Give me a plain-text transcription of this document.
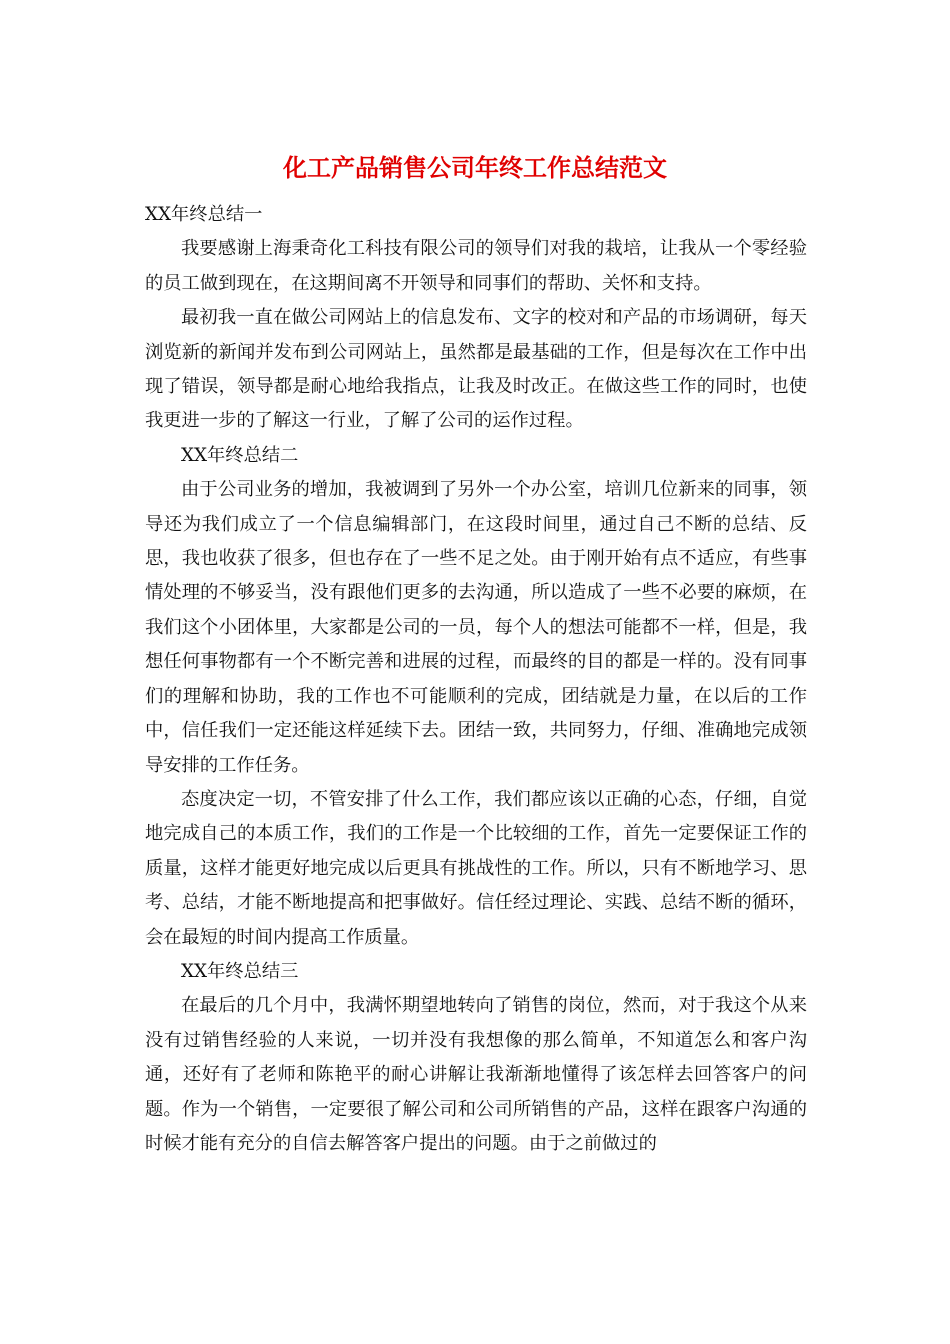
化工产品销售公司年终工作总结范文

XX年终总结一

我要感谢上海秉奇化工科技有限公司的领导们对我的栽培，让我从一个零经验的员工做到现在，在这期间离不开领导和同事们的帮助、关怀和支持。

最初我一直在做公司网站上的信息发布、文字的校对和产品的市场调研，每天浏览新的新闻并发布到公司网站上，虽然都是最基础的工作，但是每次在工作中出现了错误，领导都是耐心地给我指点，让我及时改正。在做这些工作的同时，也使我更进一步的了解这一行业，了解了公司的运作过程。

XX年终总结二

由于公司业务的增加，我被调到了另外一个办公室，培训几位新来的同事，领导还为我们成立了一个信息编辑部门，在这段时间里，通过自己不断的总结、反思，我也收获了很多，但也存在了一些不足之处。由于刚开始有点不适应，有些事情处理的不够妥当，没有跟他们更多的去沟通，所以造成了一些不必要的麻烦，在我们这个小团体里，大家都是公司的一员，每个人的想法可能都不一样，但是，我想任何事物都有一个不断完善和进展的过程，而最终的目的都是一样的。没有同事们的理解和协助，我的工作也不可能顺利的完成，团结就是力量，在以后的工作中，信任我们一定还能这样延续下去。团结一致，共同努力，仔细、准确地完成领导安排的工作任务。

态度决定一切，不管安排了什么工作，我们都应该以正确的心态，仔细，自觉地完成自己的本质工作，我们的工作是一个比较细的工作，首先一定要保证工作的质量，这样才能更好地完成以后更具有挑战性的工作。所以，只有不断地学习、思考、总结，才能不断地提高和把事做好。信任经过理论、实践、总结不断的循环，会在最短的时间内提高工作质量。

XX年终总结三

在最后的几个月中，我满怀期望地转向了销售的岗位，然而，对于我这个从来没有过销售经验的人来说，一切并没有我想像的那么简单，不知道怎么和客户沟通，还好有了老师和陈艳平的耐心讲解让我渐渐地懂得了该怎样去回答客户的问题。作为一个销售，一定要很了解公司和公司所销售的产品，这样在跟客户沟通的时候才能有充分的自信去解答客户提出的问题。由于之前做过的
